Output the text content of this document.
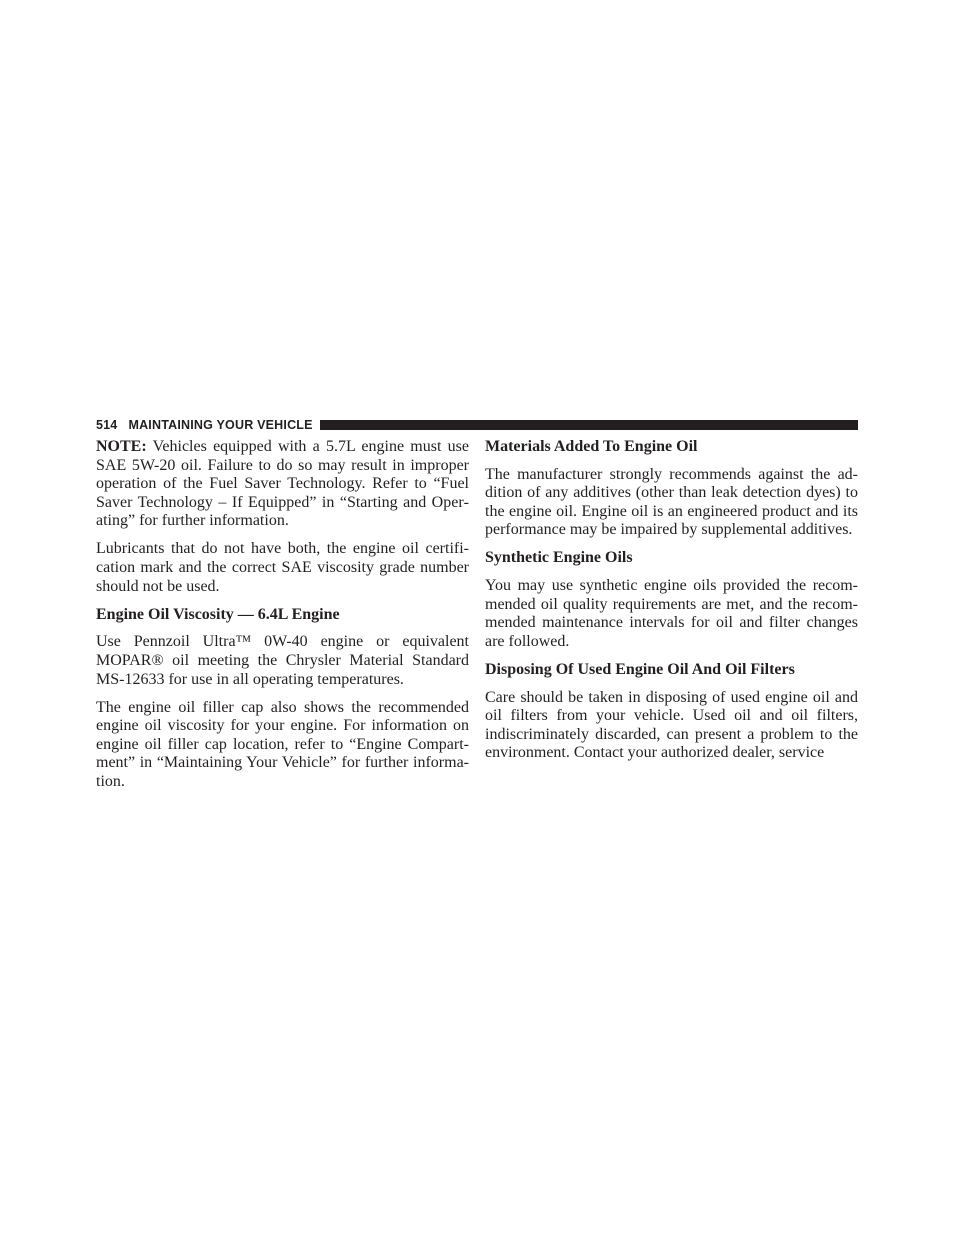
514 MAINTAINING YOUR VEHICLE

NOTE: Vehicles equipped with a 5.7L engine must use SAE 5W-20 oil. Failure to do so may result in improper operation of the Fuel Saver Technology. Refer to “Fuel Saver Technology – If Equipped” in “Starting and Operating” for further information.

Lubricants that do not have both, the engine oil certification mark and the correct SAE viscosity grade number should not be used.

Engine Oil Viscosity — 6.4L Engine

Use Pennzoil Ultra™ 0W-40 engine or equivalent MOPAR® oil meeting the Chrysler Material Standard MS-12633 for use in all operating temperatures.

The engine oil filler cap also shows the recommended engine oil viscosity for your engine. For information on engine oil filler cap location, refer to “Engine Compartment” in “Maintaining Your Vehicle” for further information.

Materials Added To Engine Oil

The manufacturer strongly recommends against the addition of any additives (other than leak detection dyes) to the engine oil. Engine oil is an engineered product and its performance may be impaired by supplemental additives.

Synthetic Engine Oils

You may use synthetic engine oils provided the recommended oil quality requirements are met, and the recommended maintenance intervals for oil and filter changes are followed.

Disposing Of Used Engine Oil And Oil Filters

Care should be taken in disposing of used engine oil and oil filters from your vehicle. Used oil and oil filters, indiscriminately discarded, can present a problem to the environment. Contact your authorized dealer, service
